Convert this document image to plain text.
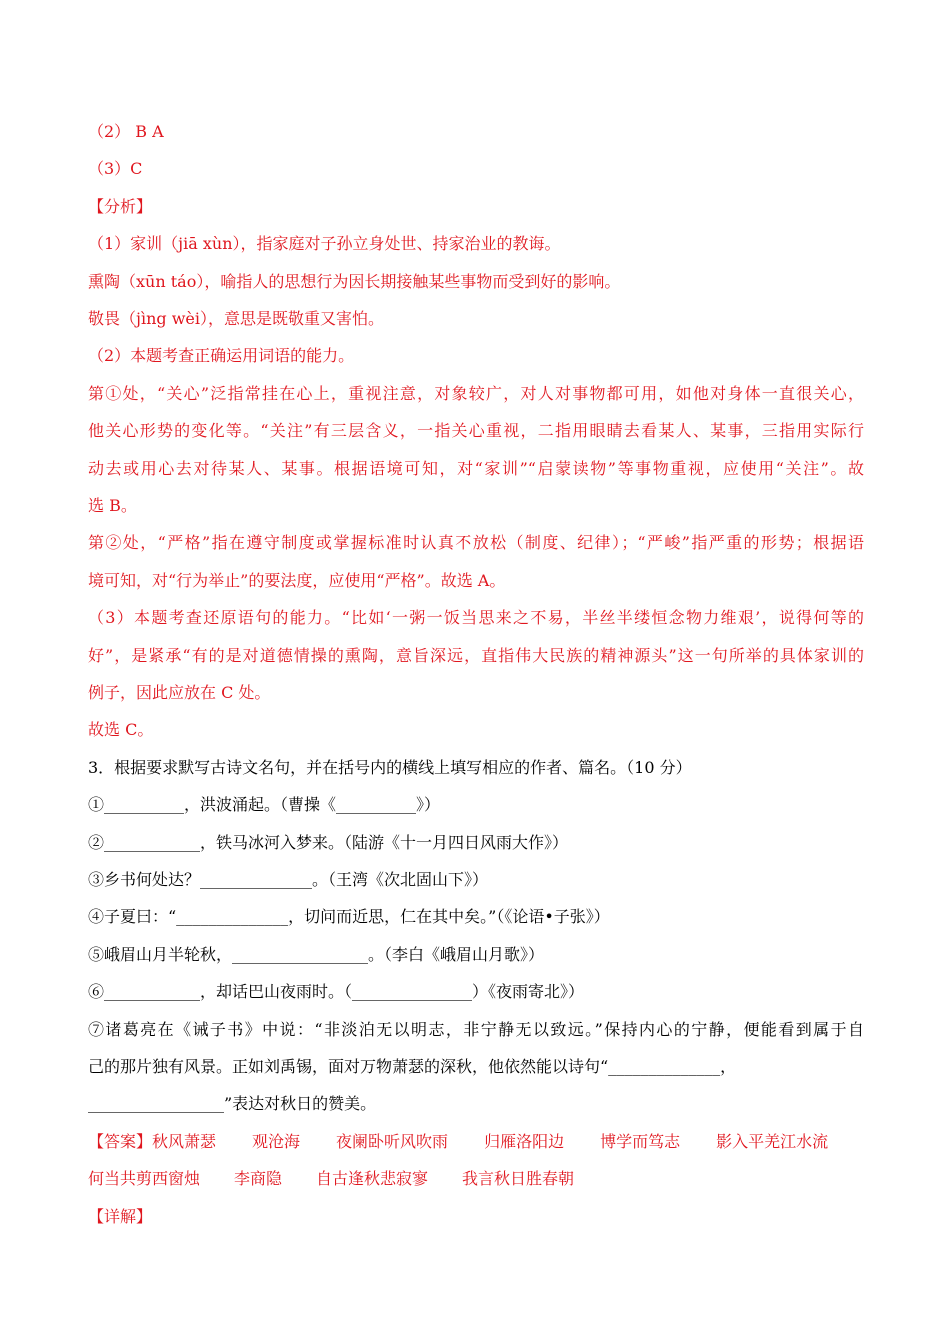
（2） B A
（3）C
【分析】
（1）家训（jiā xùn），指家庭对子孙立身处世、持家治业的教诲。
熏陶（xūn táo），喻指人的思想行为因长期接触某些事物而受到好的影响。
敬畏（jìng wèi），意思是既敬重又害怕。
（2）本题考查正确运用词语的能力。
第①处，“关心”泛指常挂在心上，重视注意，对象较广，对人对事物都可用，如他对身体一直很关心，
他关心形势的变化等。“关注”有三层含义，一指关心重视，二指用眼睛去看某人、某事，三指用实际行
动去或用心去对待某人、某事。根据语境可知，对“家训”“启蒙读物”等事物重视，应使用“关注”。故
选 B。
第②处，“严格”指在遵守制度或掌握标准时认真不放松（制度、纪律）；“严峻”指严重的形势；根据语
境可知，对“行为举止”的要法度，应使用“严格”。故选 A。
（3）本题考查还原语句的能力。“比如‘一粥一饭当思来之不易，半丝半缕恒念物力维艰’，说得何等的
好”，是紧承“有的是对道德情操的熏陶，意旨深远，直指伟大民族的精神源头”这一句所举的具体家训的
例子，因此应放在 C 处。
故选 C。
3．根据要求默写古诗文名句，并在括号内的横线上填写相应的作者、篇名。（10 分）
①__________，洪波涌起。（曹操《__________》）
②____________，铁马冰河入梦来。（陆游《十一月四日风雨大作》）
③乡书何处达？______________。（王湾《次北固山下》）
④子夏曰：“______________，切问而近思，仁在其中矣。”（《论语•子张》）
⑤峨眉山月半轮秋，_________________。（李白《峨眉山月歌》）
⑥____________，却话巴山夜雨时。（_______________）《夜雨寄北》）
⑦诸葛亮在《诫子书》中说：“非淡泊无以明志，非宁静无以致远。”保持内心的宁静，便能看到属于自
己的那片独有风景。正如刘禹锡，面对万物萧瑟的深秋，他依然能以诗句“______________，
_________________”表达对秋日的赞美。
【答案】秋风萧瑟 观沧海 夜阑卧听风吹雨 归雁洛阳边 博学而笃志 影入平羌江水流
何当共剪西窗烛 李商隐 自古逢秋悲寂寥 我言秋日胜春朝
【详解】
